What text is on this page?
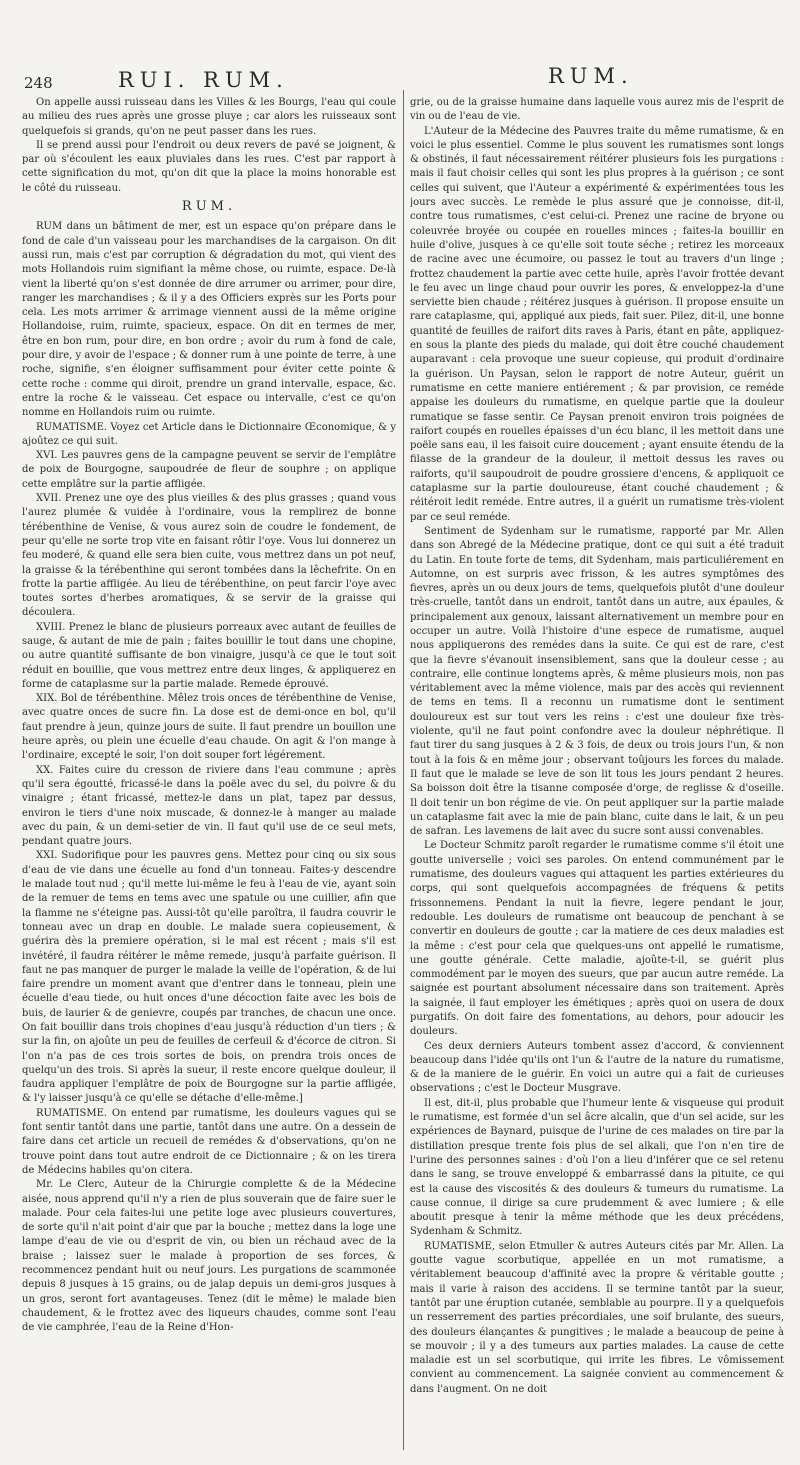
248	RUI. RUM.	RUM.

On appelle aussi ruisseau dans les Villes & les Bourgs, l'eau qui coule au milieu des rues après une grosse pluye ; car alors les ruisseaux sont quelquefois si grands, qu'on ne peut passer dans les rues.

Il se prend aussi pour l'endroit ou deux revers de pavé se joignent, & par où s'écoulent les eaux pluviales dans les rues. C'est par rapport à cette signification du mot, qu'on dit que la place la moins honorable est le côté du ruisseau.

RUM.

RUM dans un bâtiment de mer, est un espace qu'on prépare dans le fond de cale d'un vaisseau pour les marchandises de la cargaison. On dit aussi run, mais c'est par corruption & dégradation du mot, qui vient des mots Hollandois ruim signifiant la même chose, ou ruimte, espace. De-là vient la liberté qu'on s'est donnée de dire arrumer ou arrimer, pour dire, ranger les marchandises ; & il y a des Officiers exprès sur les Ports pour cela. Les mots arrimer & arrimage viennent aussi de la même origine Hollandoise, ruim, ruimte, spacieux, espace. On dit en termes de mer, être en bon rum, pour dire, en bon ordre ; avoir du rum à fond de cale, pour dire, y avoir de l'espace ; & donner rum à une pointe de terre, à une roche, signifie, s'en éloigner suffisamment pour éviter cette pointe & cette roche : comme qui diroit, prendre un grand intervalle, espace, &c. entre la roche & le vaisseau. Cet espace ou intervalle, c'est ce qu'on nomme en Hollandois ruim ou ruimte.

RUMATISME. Voyez cet Article dans le Dictionnaire Œconomique, & y ajoûtez ce qui suit.

XVI. Les pauvres gens de la campagne peuvent se servir de l'emplâtre de poix de Bourgogne, saupoudrée de fleur de souphre ; on applique cette emplâtre sur la partie affligée.

XVII. Prenez une oye des plus vieilles & des plus grasses ; quand vous l'aurez plumée & vuidée à l'ordinaire, vous la remplirez de bonne térébenthine de Venise, & vous aurez soin de coudre le fondement, de peur qu'elle ne sorte trop vite en faisant rôtir l'oye. Vous lui donnerez un feu moderé, & quand elle sera bien cuite, vous mettrez dans un pot neuf, la graisse & la térébenthine qui seront tombées dans la lêchefrite. On en frotte la partie affligée. Au lieu de térébenthine, on peut farcir l'oye avec toutes sortes d'herbes aromatiques, & se servir de la graisse qui découlera.

XVIII. Prenez le blanc de plusieurs porreaux avec autant de feuilles de sauge, & autant de mie de pain ; faites bouillir le tout dans une chopine, ou autre quantité suffisante de bon vinaigre, jusqu'à ce que le tout soit réduit en bouillie, que vous mettrez entre deux linges, & appliquerez en forme de cataplasme sur la partie malade. Remede éprouvé.

XIX. Bol de térébenthine. Mêlez trois onces de térébenthine de Venise, avec quatre onces de sucre fin. La dose est de demi-once en bol, qu'il faut prendre à jeun, quinze jours de suite. Il faut prendre un bouillon une heure après, ou plein une écuelle d'eau chaude. On agit & l'on mange à l'ordinaire, excepté le soir, l'on doit souper fort légérement.

XX. Faites cuire du cresson de riviere dans l'eau commune ; après qu'il sera égoutté, fricassé-le dans la poële avec du sel, du poivre & du vinaigre ; étant fricassé, mettez-le dans un plat, tapez par dessus, environ le tiers d'une noix muscade, & donnez-le à manger au malade avec du pain, & un demi-setier de vin. Il faut qu'il use de ce seul mets, pendant quatre jours.

XXI. Sudorifique pour les pauvres gens. Mettez pour cinq ou six sous d'eau de vie dans une écuelle au fond d'un tonneau. Faites-y descendre le malade tout nud ; qu'il mette lui-même le feu à l'eau de vie, ayant soin de la remuer de tems en tems avec une spatule ou une cuillier, afin que la flamme ne s'éteigne pas. Aussi-tôt qu'elle paroîtra, il faudra couvrir le tonneau avec un drap en double. Le malade suera copieusement, & guérira dès la premiere opération, si le mal est récent ; mais s'il est invétéré, il faudra réitérer le même remede, jusqu'à parfaite guérison. Il faut ne pas manquer de purger le malade la veille de l'opération, & de lui faire prendre un moment avant que d'entrer dans le tonneau, plein une écuelle d'eau tiede, ou huit onces d'une décoction faite avec les bois de buis, de laurier & de genievre, coupés par tranches, de chacun une once. On fait bouillir dans trois chopines d'eau jusqu'à réduction d'un tiers ; & sur la fin, on ajoûte un peu de feuilles de cerfeuil & d'écorce de citron. Si l'on n'a pas de ces trois sortes de bois, on prendra trois onces de quelqu'un des trois. Si après la sueur, il reste encore quelque douleur, il faudra appliquer l'emplâtre de poix de Bourgogne sur la partie affligée, & l'y laisser jusqu'à ce qu'elle se détache d'elle-même.]

RUMATISME. On entend par rumatisme, les douleurs vagues qui se font sentir tantôt dans une partie, tantôt dans une autre. On a dessein de faire dans cet article un recueil de remédes & d'observations, qu'on ne trouve point dans tout autre endroit de ce Dictionnaire ; & on les tirera de Médecins habiles qu'on citera.

Mr. Le Clerc, Auteur de la Chirurgie complette & de la Médecine aisée, nous apprend qu'il n'y a rien de plus souverain que de faire suer le malade. Pour cela faites-lui une petite loge avec plusieurs couvertures, de sorte qu'il n'ait point d'air que par la bouche ; mettez dans la loge une lampe d'eau de vie ou d'esprit de vin, ou bien un réchaud avec de la braise ; laissez suer le malade à proportion de ses forces, & recommencez pendant huit ou neuf jours. Les purgations de scammonée depuis 8 jusques à 15 grains, ou de jalap depuis un demi-gros jusques à un gros, seront fort avantageuses. Tenez (dit le même) le malade bien chaudement, & le frottez avec des liqueurs chaudes, comme sont l'eau de vie camphrée, l'eau de la Reine d'Hon-

grie, ou de la graisse humaine dans laquelle vous aurez mis de l'esprit de vin ou de l'eau de vie.

L'Auteur de la Médecine des Pauvres traite du même rumatisme, & en voici le plus essentiel. Comme le plus souvent les rumatismes sont longs & obstinés, il faut nécessairement réitérer plusieurs fois les purgations : mais il faut choisir celles qui sont les plus propres à la guérison ; ce sont celles qui suivent, que l'Auteur a expérimenté & expérimentées tous les jours avec succès. Le remède le plus assuré que je connoisse, dit-il, contre tous rumatismes, c'est celui-ci. Prenez une racine de bryone ou coleuvrée broyée ou coupée en rouelles minces ; faites-la bouillir en huile d'olive, jusques à ce qu'elle soit toute séche ; retirez les morceaux de racine avec une écumoire, ou passez le tout au travers d'un linge ; frottez chaudement la partie avec cette huile, après l'avoir frottée devant le feu avec un linge chaud pour ouvrir les pores, & enveloppez-la d'une serviette bien chaude ; réitérez jusques à guérison. Il propose ensuite un rare cataplasme, qui, appliqué aux pieds, fait suer. Pilez, dit-il, une bonne quantité de feuilles de raifort dits raves à Paris, étant en pâte, appliquez-en sous la plante des pieds du malade, qui doit être couché chaudement auparavant : cela provoque une sueur copieuse, qui produit d'ordinaire la guérison. Un Paysan, selon le rapport de notre Auteur, guérit un rumatisme en cette maniere entiérement ; & par provision, ce reméde appaise les douleurs du rumatisme, en quelque partie que la douleur rumatique se fasse sentir. Ce Paysan prenoit environ trois poignées de raifort coupés en rouelles épaisses d'un écu blanc, il les mettoit dans une poële sans eau, il les faisoit cuire doucement ; ayant ensuite étendu de la filasse de la grandeur de la douleur, il mettoit dessus les raves ou raiforts, qu'il saupoudroit de poudre grossiere d'encens, & appliquoit ce cataplasme sur la partie douloureuse, étant couché chaudement ; & réitéroit ledit reméde. Entre autres, il a guérit un rumatisme très-violent par ce seul reméde.

Sentiment de Sydenham sur le rumatisme, rapporté par Mr. Allen dans son Abregé de la Médecine pratique, dont ce qui suit a été traduit du Latin. En toute forte de tems, dit Sydenham, mais particuliérement en Automne, on est surpris avec frisson, & les autres symptômes des fievres, après un ou deux jours de tems, quelquefois plutôt d'une douleur très-cruelle, tantôt dans un endroit, tantôt dans un autre, aux épaules, & principalement aux genoux, laissant alternativement un membre pour en occuper un autre. Voilà l'histoire d'une espece de rumatisme, auquel nous appliquerons des remédes dans la suite. Ce qui est de rare, c'est que la fievre s'évanouit insensiblement, sans que la douleur cesse ; au contraire, elle continue longtems après, & même plusieurs mois, non pas véritablement avec la même violence, mais par des accès qui reviennent de tems en tems. Il a reconnu un rumatisme dont le sentiment douloureux est sur tout vers les reins : c'est une douleur fixe très-violente, qu'il ne faut point confondre avec la douleur néphrétique. Il faut tirer du sang jusques à 2 & 3 fois, de deux ou trois jours l'un, & non tout à la fois & en même jour ; observant toûjours les forces du malade. Il faut que le malade se leve de son lit tous les jours pendant 2 heures. Sa boisson doit être la tisanne composée d'orge, de reglisse & d'oseille. Il doit tenir un bon régime de vie. On peut appliquer sur la partie malade un cataplasme fait avec la mie de pain blanc, cuite dans le lait, & un peu de safran. Les lavemens de lait avec du sucre sont aussi convenables.

Le Docteur Schmitz paroît regarder le rumatisme comme s'il étoit une goutte universelle ; voici ses paroles. On entend communément par le rumatisme, des douleurs vagues qui attaquent les parties extérieures du corps, qui sont quelquefois accompagnées de fréquens & petits frissonnemens. Pendant la nuit la fievre, legere pendant le jour, redouble. Les douleurs de rumatisme ont beaucoup de penchant à se convertir en douleurs de goutte ; car la matiere de ces deux maladies est la même : c'est pour cela que quelques-uns ont appellé le rumatisme, une goutte générale. Cette maladie, ajoûte-t-il, se guérit plus commodément par le moyen des sueurs, que par aucun autre reméde. La saignée est pourtant absolument nécessaire dans son traitement. Après la saignée, il faut employer les émétiques ; après quoi on usera de doux purgatifs. On doit faire des fomentations, au dehors, pour adoucir les douleurs.

Ces deux derniers Auteurs tombent assez d'accord, & conviennent beaucoup dans l'idée qu'ils ont l'un & l'autre de la nature du rumatisme, & de la maniere de le guérir. En voici un autre qui a fait de curieuses observations ; c'est le Docteur Musgrave.

Il est, dit-il, plus probable que l'humeur lente & visqueuse qui produit le rumatisme, est formée d'un sel âcre alcalin, que d'un sel acide, sur les expériences de Baynard, puisque de l'urine de ces malades on tire par la distillation presque trente fois plus de sel alkali, que l'on n'en tire de l'urine des personnes saines : d'où l'on a lieu d'inférer que ce sel retenu dans le sang, se trouve enveloppé & embarrassé dans la pituite, ce qui est la cause des viscosités & des douleurs & tumeurs du rumatisme. La cause connue, il dirige sa cure prudemment & avec lumiere ; & elle aboutit presque à tenir la même méthode que les deux précédens, Sydenham & Schmitz.

RUMATISME, selon Etmuller & autres Auteurs cités par Mr. Allen. La goutte vague scorbutique, appellée en un mot rumatisme, a véritablement beaucoup d'affinité avec la propre & véritable goutte ; mais il varie à raison des accidens. Il se termine tantôt par la sueur, tantôt par une éruption cutanée, semblable au pourpre. Il y a quelquefois un resserrement des parties précordiales, une soif brulante, des sueurs, des douleurs élançantes & pungitives ; le malade a beaucoup de peine à se mouvoir ; il y a des tumeurs aux parties malades. La cause de cette maladie est un sel scorbutique, qui irrite les fibres. Le vômissement convient au commencement. La saignée convient au commencement & dans l'augment. On ne doit
